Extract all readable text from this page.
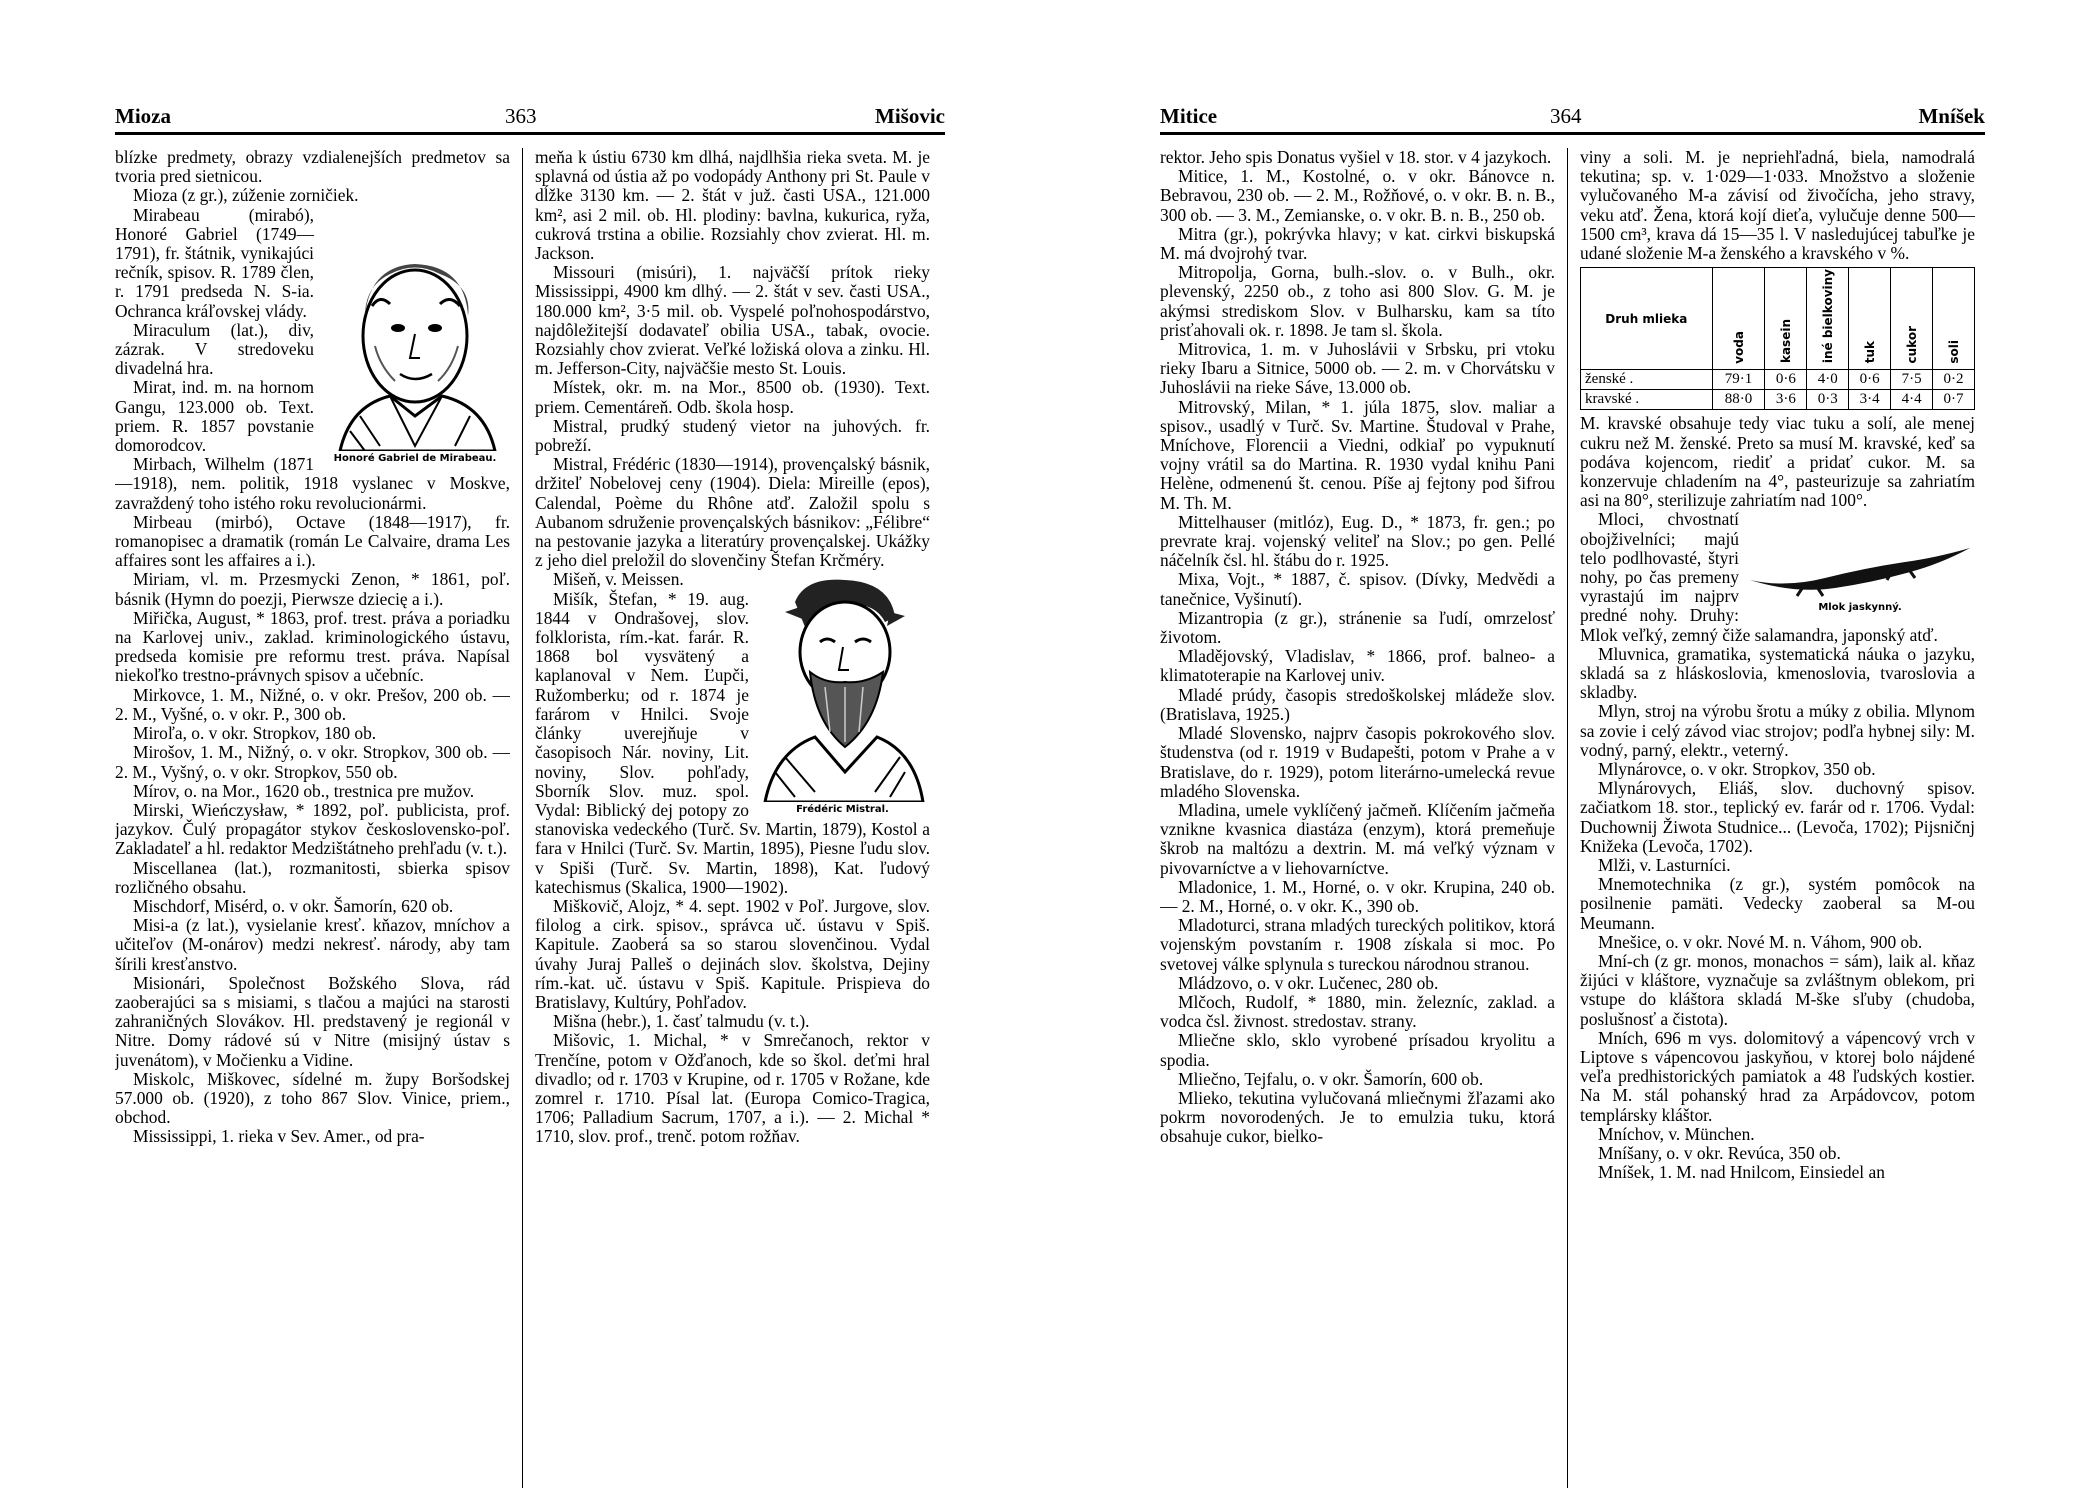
Mioza	363	Mišovic

blízke predmety, obrazy vzdialenejších predmetov sa tvoria pred sietnicou.

Mioza (z gr.), zúženie zorničiek.

Honoré Gabriel de Mirabeau.

Mirabeau (mirabó), Honoré Gabriel (1749—1791), fr. štátnik, vynikajúci rečník, spisov. R. 1789 člen, r. 1791 predseda N. S-ia. Ochranca kráľovskej vlády.

Miraculum (lat.), div, zázrak. V stredoveku divadelná hra.

Mirat, ind. m. na hornom Gangu, 123.000 ob. Text. priem. R. 1857 povstanie domorodcov.

Mirbach, Wilhelm (1871—1918), nem. politik, 1918 vyslanec v Moskve, zavraždený toho istého roku revolucionármi.

Mirbeau (mirbó), Octave (1848—1917), fr. romanopisec a dramatik (román Le Calvaire, drama Les affaires sont les affaires a i.).

Miriam, vl. m. Przesmycki Zenon, * 1861, poľ. básnik (Hymn do poezji, Pierwsze dziecię a i.).

Miřička, August, * 1863, prof. trest. práva a poriadku na Karlovej univ., zaklad. kriminologického ústavu, predseda komisie pre reformu trest. práva. Napísal niekoľko trestno-právnych spisov a učebníc.

Mirkovce, 1. M., Nižné, o. v okr. Prešov, 200 ob. — 2. M., Vyšné, o. v okr. P., 300 ob.

Miroľa, o. v okr. Stropkov, 180 ob.

Mirošov, 1. M., Nižný, o. v okr. Stropkov, 300 ob. — 2. M., Vyšný, o. v okr. Stropkov, 550 ob.

Mírov, o. na Mor., 1620 ob., trestnica pre mužov.

Mirski, Wieńczysław, * 1892, poľ. publicista, prof. jazykov. Čulý propagátor stykov československo-poľ. Zakladateľ a hl. redaktor Medzištátneho prehľadu (v. t.).

Miscellanea (lat.), rozmanitosti, sbierka spisov rozličného obsahu.

Mischdorf, Misérd, o. v okr. Šamorín, 620 ob.

Misi-a (z lat.), vysielanie kresť. kňazov, mníchov a učiteľov (M-onárov) medzi nekresť. národy, aby tam šírili kresťanstvo.

Misionári, Společnost Božského Slova, rád zaoberajúci sa s misiami, s tlačou a majúci na starosti zahraničných Slovákov. Hl. predstavený je regionál v Nitre. Domy rádové sú v Nitre (misijný ústav s juvenátom), v Močienku a Vidine.

Miskolc, Miškovec, sídelné m. župy Boršodskej 57.000 ob. (1920), z toho 867 Slov. Vinice, priem., obchod.

Mississippi, 1. rieka v Sev. Amer., od pra-

meňa k ústiu 6730 km dlhá, najdlhšia rieka sveta. M. je splavná od ústia až po vodopády Anthony pri St. Paule v dĺžke 3130 km. — 2. štát v juž. časti USA., 121.000 km², asi 2 mil. ob. Hl. plodiny: bavlna, kukurica, ryža, cukrová trstina a obilie. Rozsiahly chov zvierat. Hl. m. Jackson.

Missouri (misúri), 1. najväčší prítok rieky Mississippi, 4900 km dlhý. — 2. štát v sev. časti USA., 180.000 km², 3·5 mil. ob. Vyspelé poľnohospodárstvo, najdôležitejší dodavateľ obilia USA., tabak, ovocie. Rozsiahly chov zvierat. Veľké ložiská olova a zinku. Hl. m. Jefferson-City, najväčšie mesto St. Louis.

Místek, okr. m. na Mor., 8500 ob. (1930). Text. priem. Cementáreň. Odb. škola hosp.

Mistral, prudký studený vietor na juhových. fr. pobreží.

Mistral, Frédéric (1830—1914), provençalský básnik, držiteľ Nobelovej ceny (1904). Diela: Mireille (epos), Calendal, Poème du Rhône atď. Založil spolu s Aubanom sdruženie provençalských básnikov: „Félibre“ na pestovanie jazyka a literatúry provençalskej. Ukážky z jeho diel preložil do slovenčiny Štefan Krčméry.

Frédéric Mistral.

Mišeň, v. Meissen.

Mišík, Štefan, * 19. aug. 1844 v Ondrašovej, slov. folklorista, rím.-kat. farár. R. 1868 bol vysvätený a kaplanoval v Nem. Ľupči, Ružomberku; od r. 1874 je farárom v Hnilci. Svoje články uverejňuje v časopisoch Nár. noviny, Lit. noviny, Slov. pohľady, Sborník Slov. muz. spol. Vydal: Biblický dej potopy zo stanoviska vedeckého (Turč. Sv. Martin, 1879), Kostol a fara v Hnilci (Turč. Sv. Martin, 1895), Piesne ľudu slov. v Spiši (Turč. Sv. Martin, 1898), Kat. ľudový katechismus (Skalica, 1900—1902).

Miškovič, Alojz, * 4. sept. 1902 v Poľ. Jurgove, slov. filolog a cirk. spisov., správca uč. ústavu v Spiš. Kapitule. Zaoberá sa so starou slovenčinou. Vydal úvahy Juraj Palleš o dejinách slov. školstva, Dejiny rím.-kat. uč. ústavu v Spiš. Kapitule. Prispieva do Bratislavy, Kultúry, Pohľadov.

Mišna (hebr.), 1. časť talmudu (v. t.).

Mišovic, 1. Michal, * v Smrečanoch, rektor v Trenčíne, potom v Ožďanoch, kde so škol. deťmi hral divadlo; od r. 1703 v Krupine, od r. 1705 v Rožane, kde zomrel r. 1710. Písal lat. (Europa Comico-Tragica, 1706; Palladium Sacrum, 1707, a i.). — 2. Michal * 1710, slov. prof., trenč. potom rožňav.

Mitice	364	Mníšek

rektor. Jeho spis Donatus vyšiel v 18. stor. v 4 jazykoch.

Mitice, 1. M., Kostolné, o. v okr. Bánovce n. Bebravou, 230 ob. — 2. M., Rožňové, o. v okr. B. n. B., 300 ob. — 3. M., Zemianske, o. v okr. B. n. B., 250 ob.

Mitra (gr.), pokrývka hlavy; v kat. cirkvi biskupská M. má dvojrohý tvar.

Mitropolja, Gorna, bulh.-slov. o. v Bulh., okr. plevenský, 2250 ob., z toho asi 800 Slov. G. M. je akýmsi strediskom Slov. v Bulharsku, kam sa títo prisťahovali ok. r. 1898. Je tam sl. škola.

Mitrovica, 1. m. v Juhoslávii v Srbsku, pri vtoku rieky Ibaru a Sitnice, 5000 ob. — 2. m. v Chorvátsku v Juhoslávii na rieke Sáve, 13.000 ob.

Mitrovský, Milan, * 1. júla 1875, slov. maliar a spisov., usadlý v Turč. Sv. Martine. Študoval v Prahe, Mníchove, Florencii a Viedni, odkiaľ po vypuknutí vojny vrátil sa do Martina. R. 1930 vydal knihu Pani Helène, odmenenú št. cenou. Píše aj fejtony pod šifrou M. Th. M.

Mittelhauser (mitlóz), Eug. D., * 1873, fr. gen.; po prevrate kraj. vojenský veliteľ na Slov.; po gen. Pellé náčelník čsl. hl. štábu do r. 1925.

Mixa, Vojt., * 1887, č. spisov. (Dívky, Medvědi a tanečnice, Vyšinutí).

Mizantropia (z gr.), stránenie sa ľudí, omrzelosť životom.

Mladějovský, Vladislav, * 1866, prof. balneo- a klimatoterapie na Karlovej univ.

Mladé prúdy, časopis stredoškolskej mládeže slov. (Bratislava, 1925.)

Mladé Slovensko, najprv časopis pokrokového slov. študenstva (od r. 1919 v Budapešti, potom v Prahe a v Bratislave, do r. 1929), potom literárno-umelecká revue mladého Slovenska.

Mladina, umele vyklíčený jačmeň. Klíčením jačmeňa vznikne kvasnica diastáza (enzym), ktorá premeňuje škrob na maltózu a dextrin. M. má veľký význam v pivovarníctve a v liehovarníctve.

Mladonice, 1. M., Horné, o. v okr. Krupina, 240 ob. — 2. M., Horné, o. v okr. K., 390 ob.

Mladoturci, strana mladých tureckých politikov, ktorá vojenským povstaním r. 1908 získala si moc. Po svetovej válke splynula s tureckou národnou stranou.

Mládzovo, o. v okr. Lučenec, 280 ob.

Mlčoch, Rudolf, * 1880, min. železníc, zaklad. a vodca čsl. živnost. stredostav. strany.

Mliečne sklo, sklo vyrobené prísadou kryolitu a spodia.

Mliečno, Tejfalu, o. v okr. Šamorín, 600 ob.

Mlieko, tekutina vylučovaná mliečnymi žľazami ako pokrm novorodených. Je to emulzia tuku, ktorá obsahuje cukor, bielko-

viny a soli. M. je nepriehľadná, biela, namodralá tekutina; sp. v. 1·029—1·033. Množstvo a složenie vylučovaného M-a závisí od živočícha, jeho stravy, veku atď. Žena, ktorá kojí dieťa, vylučuje denne 500—1500 cm³, krava dá 15—35 l. V nasledujúcej tabuľke je udané složenie M-a ženského a kravského v %.

Druh mlieka	voda	kasein	iné bielkoviny	tuk	cukor	soli
ženské .	79·1	0·6	4·0	0·6	7·5	0·2
kravské .	88·0	3·6	0·3	3·4	4·4	0·7

M. kravské obsahuje tedy viac tuku a solí, ale menej cukru než M. ženské. Preto sa musí M. kravské, keď sa podáva kojencom, riediť a pridať cukor. M. sa konzervuje chladením na 4°, pasteurizuje sa zahriatím asi na 80°, sterilizuje zahriatím nad 100°.

Mlok jaskynný.

Mloci, chvostnatí obojživelníci; majú telo podlhovasté, štyri nohy, po čas premeny vyrastajú im najprv predné nohy. Druhy: Mlok veľký, zemný čiže salamandra, japonský atď.

Mluvnica, gramatika, systematická náuka o jazyku, skladá sa z hláskoslovia, kmenoslovia, tvaroslovia a skladby.

Mlyn, stroj na výrobu šrotu a múky z obilia. Mlynom sa zovie i celý závod viac strojov; podľa hybnej sily: M. vodný, parný, elektr., veterný.

Mlynárovce, o. v okr. Stropkov, 350 ob.

Mlynárovych, Eliáš, slov. duchovný spisov. začiatkom 18. stor., teplický ev. farár od r. 1706. Vydal: Duchownij Žiwota Studnice... (Levoča, 1702); Pijsničnj Knižeka (Levoča, 1702).

Mlži, v. Lasturníci.

Mnemotechnika (z gr.), systém pomôcok na posilnenie pamäti. Vedecky zaoberal sa M-ou Meumann.

Mnešice, o. v okr. Nové M. n. Váhom, 900 ob.

Mní-ch (z gr. monos, monachos = sám), laik al. kňaz žijúci v kláštore, vyznačuje sa zvláštnym oblekom, pri vstupe do kláštora skladá M-ške sľuby (chudoba, poslušnosť a čistota).

Mních, 696 m vys. dolomitový a vápencový vrch v Liptove s vápencovou jaskyňou, v ktorej bolo nájdené veľa predhistorických pamiatok a 48 ľudských kostier. Na M. stál pohanský hrad za Arpádovcov, potom templársky kláštor.

Mníchov, v. München.

Mníšany, o. v okr. Revúca, 350 ob.

Mníšek, 1. M. nad Hnilcom, Einsiedel an
